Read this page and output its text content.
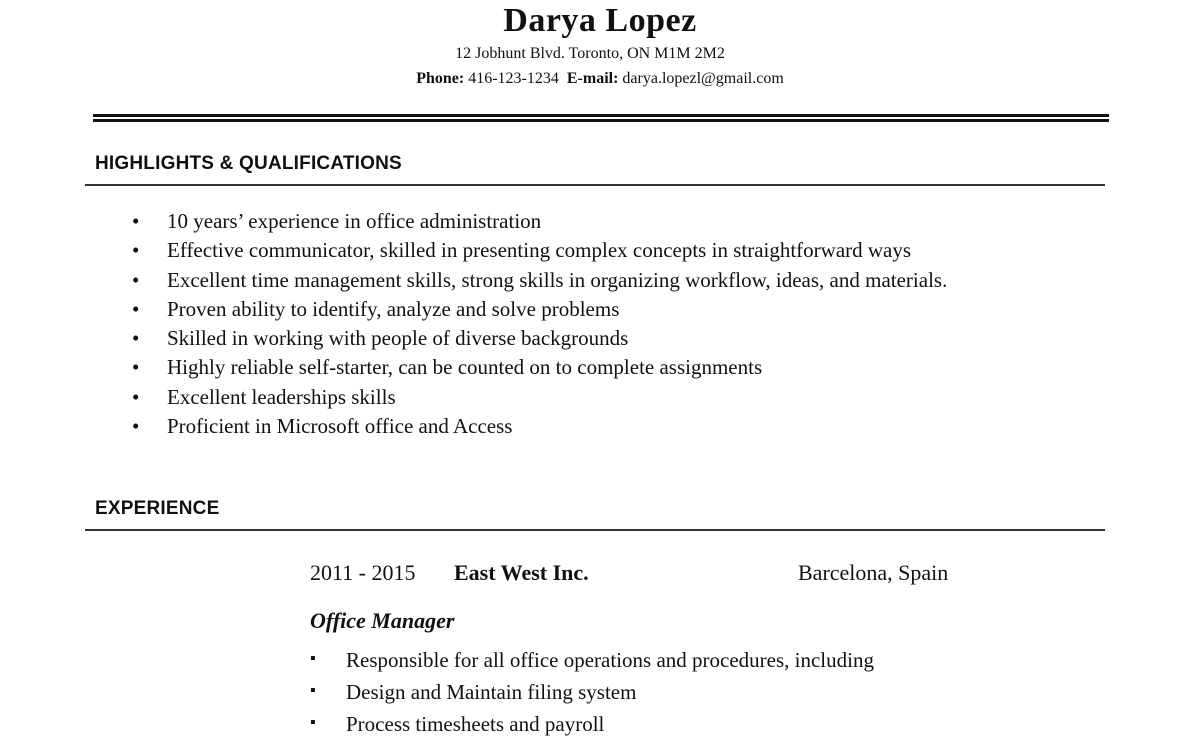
Darya Lopez
12 Jobhunt Blvd. Toronto, ON M1M 2M2
Phone: 416-123-1234 E-mail: darya.lopezl@gmail.com
HIGHLIGHTS & QUALIFICATIONS
• 10 years’ experience in office administration
• Effective communicator, skilled in presenting complex concepts in straightforward ways
• Excellent time management skills, strong skills in organizing workflow, ideas, and materials.
• Proven ability to identify, analyze and solve problems
• Skilled in working with people of diverse backgrounds
• Highly reliable self-starter, can be counted on to complete assignments
• Excellent leaderships skills
• Proficient in Microsoft office and Access
EXPERIENCE
2011 - 2015 East West Inc.	Barcelona, Spain
Office Manager
▪ Responsible for all office operations and procedures, including
▪ Design and Maintain filing system
▪ Process timesheets and payroll
